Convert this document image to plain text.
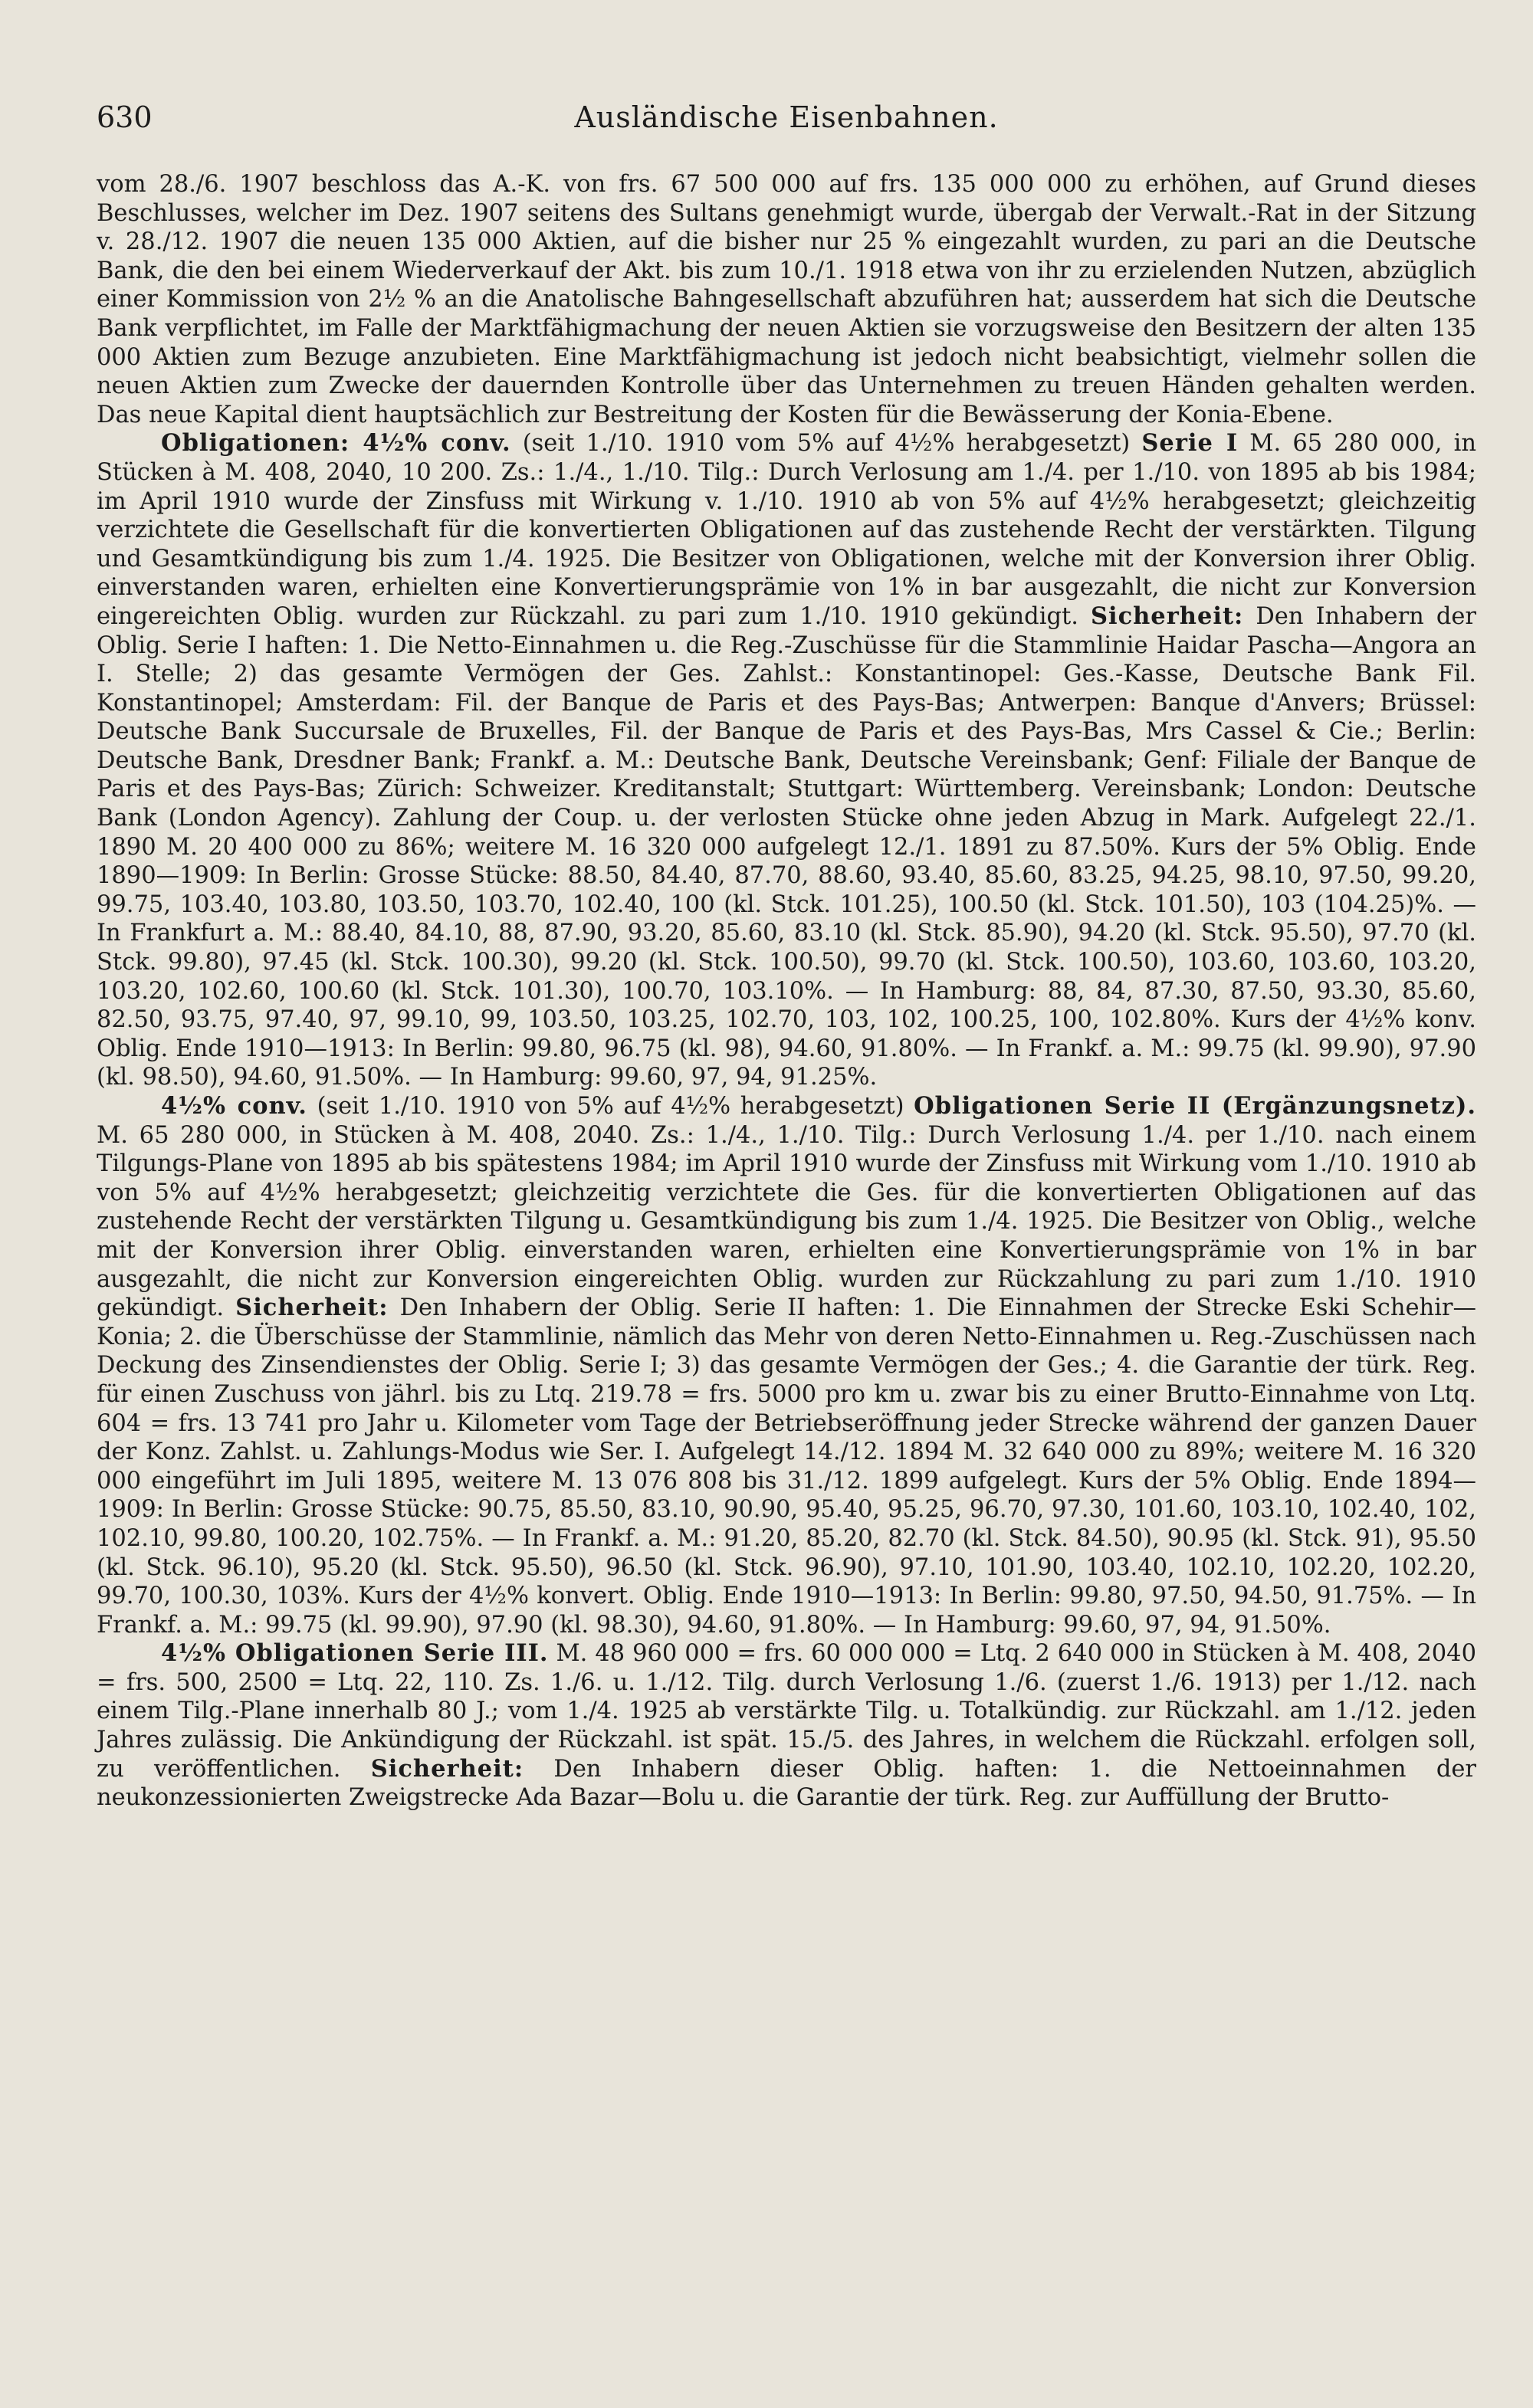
630	Ausländische Eisenbahnen.

vom 28./6. 1907 beschloss das A.-K. von frs. 67 500 000 auf frs. 135 000 000 zu erhöhen, auf Grund dieses Beschlusses, welcher im Dez. 1907 seitens des Sultans genehmigt wurde, übergab der Verwalt.-Rat in der Sitzung v. 28./12. 1907 die neuen 135 000 Aktien, auf die bisher nur 25 % eingezahlt wurden, zu pari an die Deutsche Bank, die den bei einem Wiederverkauf der Akt. bis zum 10./1. 1918 etwa von ihr zu erzielenden Nutzen, abzüglich einer Kommission von 2½ % an die Anatolische Bahngesellschaft abzuführen hat; ausserdem hat sich die Deutsche Bank verpflichtet, im Falle der Marktfähigmachung der neuen Aktien sie vorzugsweise den Besitzern der alten 135 000 Aktien zum Bezuge anzubieten. Eine Marktfähigmachung ist jedoch nicht beabsichtigt, vielmehr sollen die neuen Aktien zum Zwecke der dauernden Kontrolle über das Unternehmen zu treuen Händen gehalten werden. Das neue Kapital dient hauptsächlich zur Bestreitung der Kosten für die Bewässerung der Konia-Ebene.

Obligationen: 4½% conv. (seit 1./10. 1910 vom 5% auf 4½% herabgesetzt) Serie I M. 65 280 000, in Stücken à M. 408, 2040, 10 200. Zs.: 1./4., 1./10. Tilg.: Durch Verlosung am 1./4. per 1./10. von 1895 ab bis 1984; im April 1910 wurde der Zinsfuss mit Wirkung v. 1./10. 1910 ab von 5% auf 4½% herabgesetzt; gleichzeitig verzichtete die Gesellschaft für die konvertierten Obligationen auf das zustehende Recht der verstärkten. Tilgung und Gesamtkündigung bis zum 1./4. 1925. Die Besitzer von Obligationen, welche mit der Konversion ihrer Oblig. einverstanden waren, erhielten eine Konvertierungsprämie von 1% in bar ausgezahlt, die nicht zur Konversion eingereichten Oblig. wurden zur Rückzahl. zu pari zum 1./10. 1910 gekündigt. Sicherheit: Den Inhabern der Oblig. Serie I haften: 1. Die Netto-Einnahmen u. die Reg.-Zuschüsse für die Stammlinie Haidar Pascha—Angora an I. Stelle; 2) das gesamte Vermögen der Ges. Zahlst.: Konstantinopel: Ges.-Kasse, Deutsche Bank Fil. Konstantinopel; Amsterdam: Fil. der Banque de Paris et des Pays-Bas; Antwerpen: Banque d'Anvers; Brüssel: Deutsche Bank Succursale de Bruxelles, Fil. der Banque de Paris et des Pays-Bas, Mrs Cassel & Cie.; Berlin: Deutsche Bank, Dresdner Bank; Frankf. a. M.: Deutsche Bank, Deutsche Vereinsbank; Genf: Filiale der Banque de Paris et des Pays-Bas; Zürich: Schweizer. Kreditanstalt; Stuttgart: Württemberg. Vereinsbank; London: Deutsche Bank (London Agency). Zahlung der Coup. u. der verlosten Stücke ohne jeden Abzug in Mark. Aufgelegt 22./1. 1890 M. 20 400 000 zu 86%; weitere M. 16 320 000 aufgelegt 12./1. 1891 zu 87.50%. Kurs der 5% Oblig. Ende 1890—1909: In Berlin: Grosse Stücke: 88.50, 84.40, 87.70, 88.60, 93.40, 85.60, 83.25, 94.25, 98.10, 97.50, 99.20, 99.75, 103.40, 103.80, 103.50, 103.70, 102.40, 100 (kl. Stck. 101.25), 100.50 (kl. Stck. 101.50), 103 (104.25)%. — In Frankfurt a. M.: 88.40, 84.10, 88, 87.90, 93.20, 85.60, 83.10 (kl. Stck. 85.90), 94.20 (kl. Stck. 95.50), 97.70 (kl. Stck. 99.80), 97.45 (kl. Stck. 100.30), 99.20 (kl. Stck. 100.50), 99.70 (kl. Stck. 100.50), 103.60, 103.60, 103.20, 103.20, 102.60, 100.60 (kl. Stck. 101.30), 100.70, 103.10%. — In Hamburg: 88, 84, 87.30, 87.50, 93.30, 85.60, 82.50, 93.75, 97.40, 97, 99.10, 99, 103.50, 103.25, 102.70, 103, 102, 100.25, 100, 102.80%. Kurs der 4½% konv. Oblig. Ende 1910—1913: In Berlin: 99.80, 96.75 (kl. 98), 94.60, 91.80%. — In Frankf. a. M.: 99.75 (kl. 99.90), 97.90 (kl. 98.50), 94.60, 91.50%. — In Hamburg: 99.60, 97, 94, 91.25%.

4½% conv. (seit 1./10. 1910 von 5% auf 4½% herabgesetzt) Obligationen Serie II (Ergänzungsnetz). M. 65 280 000, in Stücken à M. 408, 2040. Zs.: 1./4., 1./10. Tilg.: Durch Verlosung 1./4. per 1./10. nach einem Tilgungs-Plane von 1895 ab bis spätestens 1984; im April 1910 wurde der Zinsfuss mit Wirkung vom 1./10. 1910 ab von 5% auf 4½% herabgesetzt; gleichzeitig verzichtete die Ges. für die konvertierten Obligationen auf das zustehende Recht der verstärkten Tilgung u. Gesamtkündigung bis zum 1./4. 1925. Die Besitzer von Oblig., welche mit der Konversion ihrer Oblig. einverstanden waren, erhielten eine Konvertierungsprämie von 1% in bar ausgezahlt, die nicht zur Konversion eingereichten Oblig. wurden zur Rückzahlung zu pari zum 1./10. 1910 gekündigt. Sicherheit: Den Inhabern der Oblig. Serie II haften: 1. Die Einnahmen der Strecke Eski Schehir—Konia; 2. die Überschüsse der Stammlinie, nämlich das Mehr von deren Netto-Einnahmen u. Reg.-Zuschüssen nach Deckung des Zinsendienstes der Oblig. Serie I; 3) das gesamte Vermögen der Ges.; 4. die Garantie der türk. Reg. für einen Zuschuss von jährl. bis zu Ltq. 219.78 = frs. 5000 pro km u. zwar bis zu einer Brutto-Einnahme von Ltq. 604 = frs. 13 741 pro Jahr u. Kilometer vom Tage der Betriebseröffnung jeder Strecke während der ganzen Dauer der Konz. Zahlst. u. Zahlungs-Modus wie Ser. I. Aufgelegt 14./12. 1894 M. 32 640 000 zu 89%; weitere M. 16 320 000 eingeführt im Juli 1895, weitere M. 13 076 808 bis 31./12. 1899 aufgelegt. Kurs der 5% Oblig. Ende 1894—1909: In Berlin: Grosse Stücke: 90.75, 85.50, 83.10, 90.90, 95.40, 95.25, 96.70, 97.30, 101.60, 103.10, 102.40, 102, 102.10, 99.80, 100.20, 102.75%. — In Frankf. a. M.: 91.20, 85.20, 82.70 (kl. Stck. 84.50), 90.95 (kl. Stck. 91), 95.50 (kl. Stck. 96.10), 95.20 (kl. Stck. 95.50), 96.50 (kl. Stck. 96.90), 97.10, 101.90, 103.40, 102.10, 102.20, 102.20, 99.70, 100.30, 103%. Kurs der 4½% konvert. Oblig. Ende 1910—1913: In Berlin: 99.80, 97.50, 94.50, 91.75%. — In Frankf. a. M.: 99.75 (kl. 99.90), 97.90 (kl. 98.30), 94.60, 91.80%. — In Hamburg: 99.60, 97, 94, 91.50%.

4½% Obligationen Serie III. M. 48 960 000 = frs. 60 000 000 = Ltq. 2 640 000 in Stücken à M. 408, 2040 = frs. 500, 2500 = Ltq. 22, 110. Zs. 1./6. u. 1./12. Tilg. durch Verlosung 1./6. (zuerst 1./6. 1913) per 1./12. nach einem Tilg.-Plane innerhalb 80 J.; vom 1./4. 1925 ab verstärkte Tilg. u. Totalkündig. zur Rückzahl. am 1./12. jeden Jahres zulässig. Die Ankündigung der Rückzahl. ist spät. 15./5. des Jahres, in welchem die Rückzahl. erfolgen soll, zu veröffentlichen. Sicherheit: Den Inhabern dieser Oblig. haften: 1. die Nettoeinnahmen der neukonzessionierten Zweigstrecke Ada Bazar—Bolu u. die Garantie der türk. Reg. zur Auffüllung der Brutto-
